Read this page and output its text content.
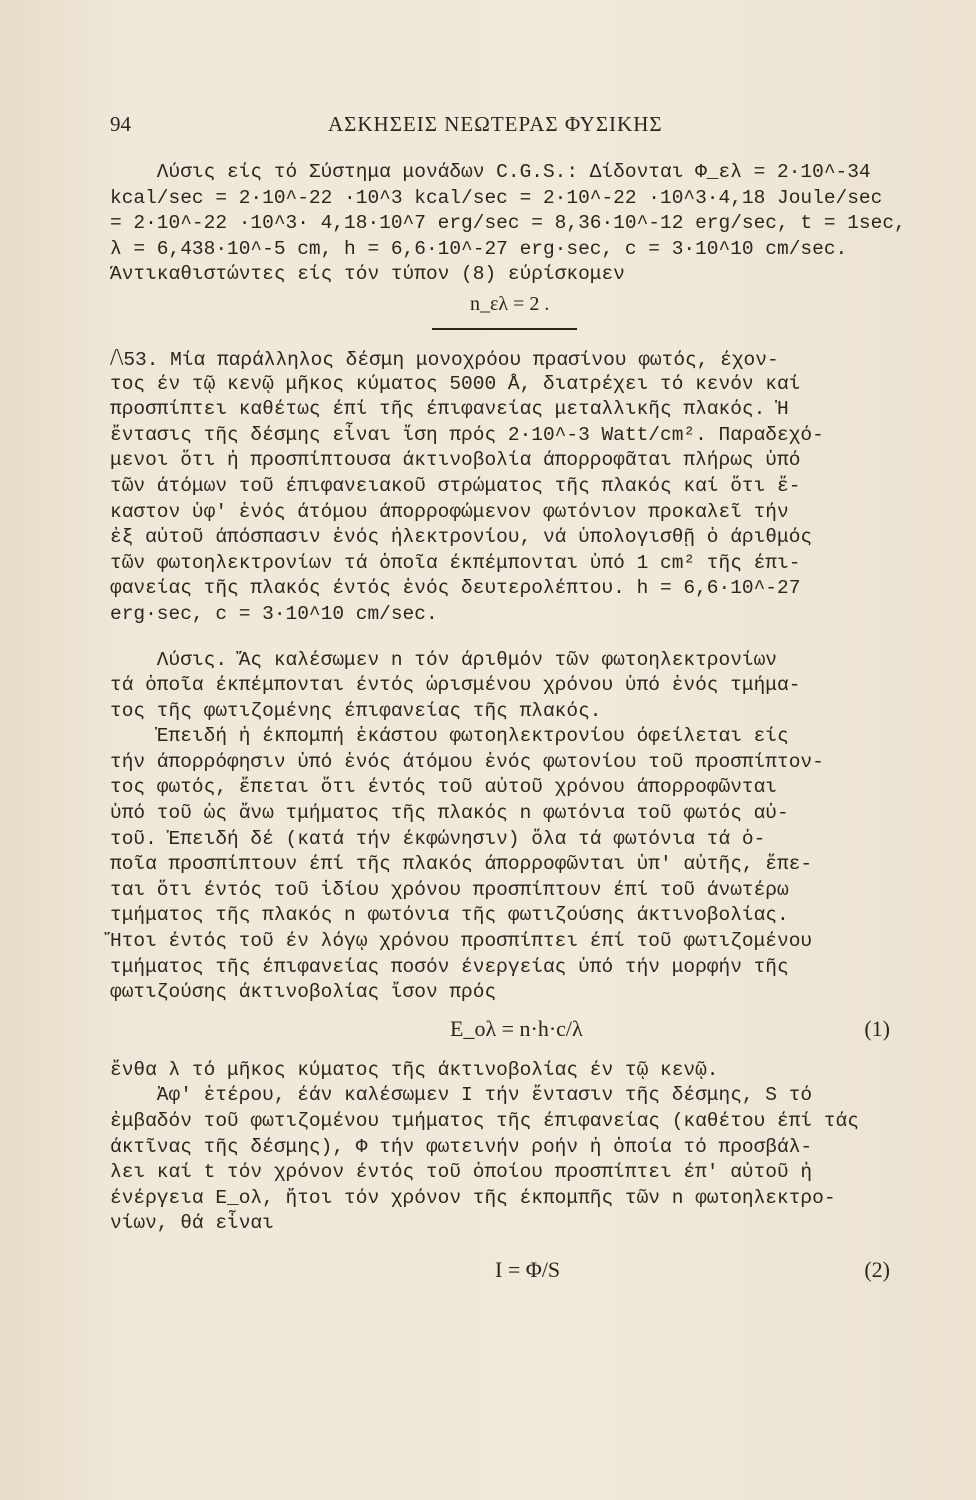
94	ΑΣΚΗΣΕΙΣ ΝΕΩΤΕΡΑΣ ΦΥΣΙΚΗΣ
Λύσις είς τό Σύστημα μονάδων C.G.S.: Δίδονται Φ_ελ = 2·10^-34
kcal/sec = 2·10^-22 ·10^3 kcal/sec = 2·10^-22 ·10^3·4,18 Joule/sec
= 2·10^-22 ·10^3· 4,18·10^7 erg/sec = 8,36·10^-12 erg/sec, t = 1sec,
λ = 6,438·10^-5 cm, h = 6,6·10^-27 erg·sec, c = 3·10^10 cm/sec.
Άντικαθιστώντες είς τόν τύπον (8) εύρίσκομεν
n_ελ = 2 .
/\53. Μία παράλληλος δέσμη μονοχρόου πρασίνου φωτός, έχον-
τος έν τῷ κενῷ μῆκος κύματος 5000 Å, διατρέχει τό κενόν καί
προσπίπτει καθέτως έπί τῆς έπιφανείας μεταλλικῆς πλακός. Ἡ
ἔντασις τῆς δέσμης εἶναι ἴση πρός 2·10^-3 Watt/cm². Παραδεχό-
μενοι ὅτι ἡ προσπίπτουσα άκτινοβολία άπορροφᾶται πλήρως ὑπό
τῶν άτόμων τοῦ έπιφανειακοῦ στρώματος τῆς πλακός καί ὅτι ἕ-
καστον ὑφ' ἑνός άτόμου άπορροφώμενον φωτόνιον προκαλεῖ τήν
ἐξ αὐτοῦ άπόσπασιν ἑνός ἠλεκτρονίου, νά ὑπολογισθῇ ὁ άριθμός
τῶν φωτοηλεκτρονίων τά ὁποῖα έκπέμπονται ὑπό 1 cm² τῆς έπι-
φανείας τῆς πλακός έντός ἑνός δευτερολέπτου. h = 6,6·10^-27
erg·sec, c = 3·10^10 cm/sec.
Λύσις. Ἄς καλέσωμεν n τόν άριθμόν τῶν φωτοηλεκτρονίων
τά ὁποῖα έκπέμπονται έντός ὡρισμένου χρόνου ὑπό ἑνός τμήμα-
τος τῆς φωτιζομένης έπιφανείας τῆς πλακός.
Ἐπειδή ἡ έκπομπή ἑκάστου φωτοηλεκτρονίου όφείλεται είς
τήν άπορρόφησιν ὑπό ἑνός άτόμου ἑνός φωτονίου τοῦ προσπίπτον-
τος φωτός, ἕπεται ὅτι έντός τοῦ αὐτοῦ χρόνου άπορροφῶνται
ὑπό τοῦ ὡς ἄνω τμήματος τῆς πλακός n φωτόνια τοῦ φωτός αὐ-
τοῦ. Ἐπειδή δέ (κατά τήν έκφώνησιν) ὅλα τά φωτόνια τά ὁ-
ποῖα προσπίπτουν έπί τῆς πλακός άπορροφῶνται ὑπ' αὐτῆς, ἕπε-
ται ὅτι έντός τοῦ ἰδίου χρόνου προσπίπτουν έπί τοῦ άνωτέρω
τμήματος τῆς πλακός n φωτόνια τῆς φωτιζούσης άκτινοβολίας.
Ἤτοι έντός τοῦ έν λόγῳ χρόνου προσπίπτει έπί τοῦ φωτιζομένου
τμήματος τῆς έπιφανείας ποσόν ένεργείας ὑπό τήν μορφήν τῆς
φωτιζούσης άκτινοβολίας ἴσον πρός
E_ολ = n·h·c/λ	(1)
ἔνθα λ τό μῆκος κύματος τῆς άκτινοβολίας έν τῷ κενῷ.
Ἀφ' ἑτέρου, έάν καλέσωμεν I τήν ἔντασιν τῆς δέσμης, S τό
ἐμβαδόν τοῦ φωτιζομένου τμήματος τῆς έπιφανείας (καθέτου έπί τάς
άκτῖνας τῆς δέσμης), Φ τήν φωτεινήν ροήν ἡ ὁποία τό προσβάλ-
λει καί t τόν χρόνον έντός τοῦ ὁποίου προσπίπτει έπ' αὐτοῦ ἡ
ένέργεια E_ολ, ἤτοι τόν χρόνον τῆς έκπομπῆς τῶν n φωτοηλεκτρο-
νίων, θά εἶναι
I = Φ/S	(2)
